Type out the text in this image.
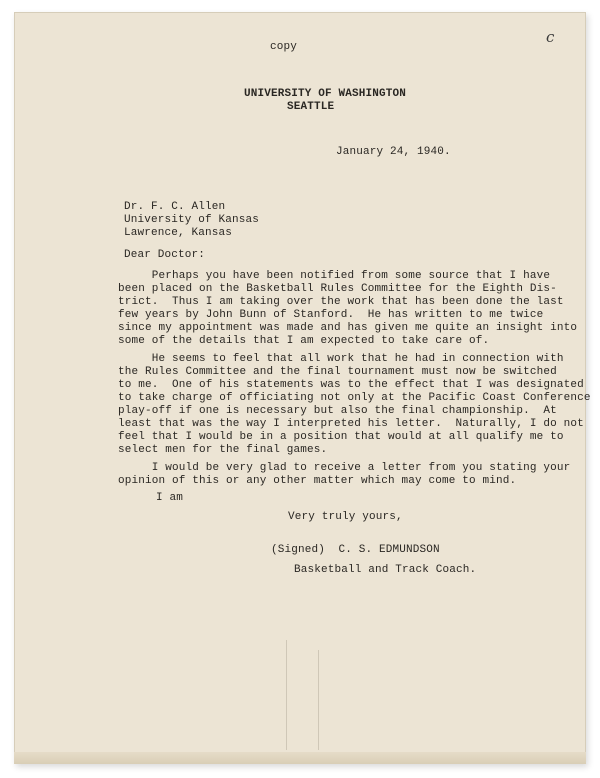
copy

c

UNIVERSITY OF WASHINGTON

SEATTLE

January 24, 1940.

Dr. F. C. Allen

University of Kansas

Lawrence, Kansas

Dear Doctor:

Perhaps you have been notified from some source that I have

been placed on the Basketball Rules Committee for the Eighth Dis-

trict.  Thus I am taking over the work that has been done the last

few years by John Bunn of Stanford.  He has written to me twice

since my appointment was made and has given me quite an insight into

some of the details that I am expected to take care of.

He seems to feel that all work that he had in connection with

the Rules Committee and the final tournament must now be switched

to me.  One of his statements was to the effect that I was designated

to take charge of officiating not only at the Pacific Coast Conference

play-off if one is necessary but also the final championship.  At

least that was the way I interpreted his letter.  Naturally, I do not

feel that I would be in a position that would at all qualify me to

select men for the final games.

I would be very glad to receive a letter from you stating your

opinion of this or any other matter which may come to mind.

I am

Very truly yours,

(Signed)  C. S. EDMUNDSON

Basketball and Track Coach.
